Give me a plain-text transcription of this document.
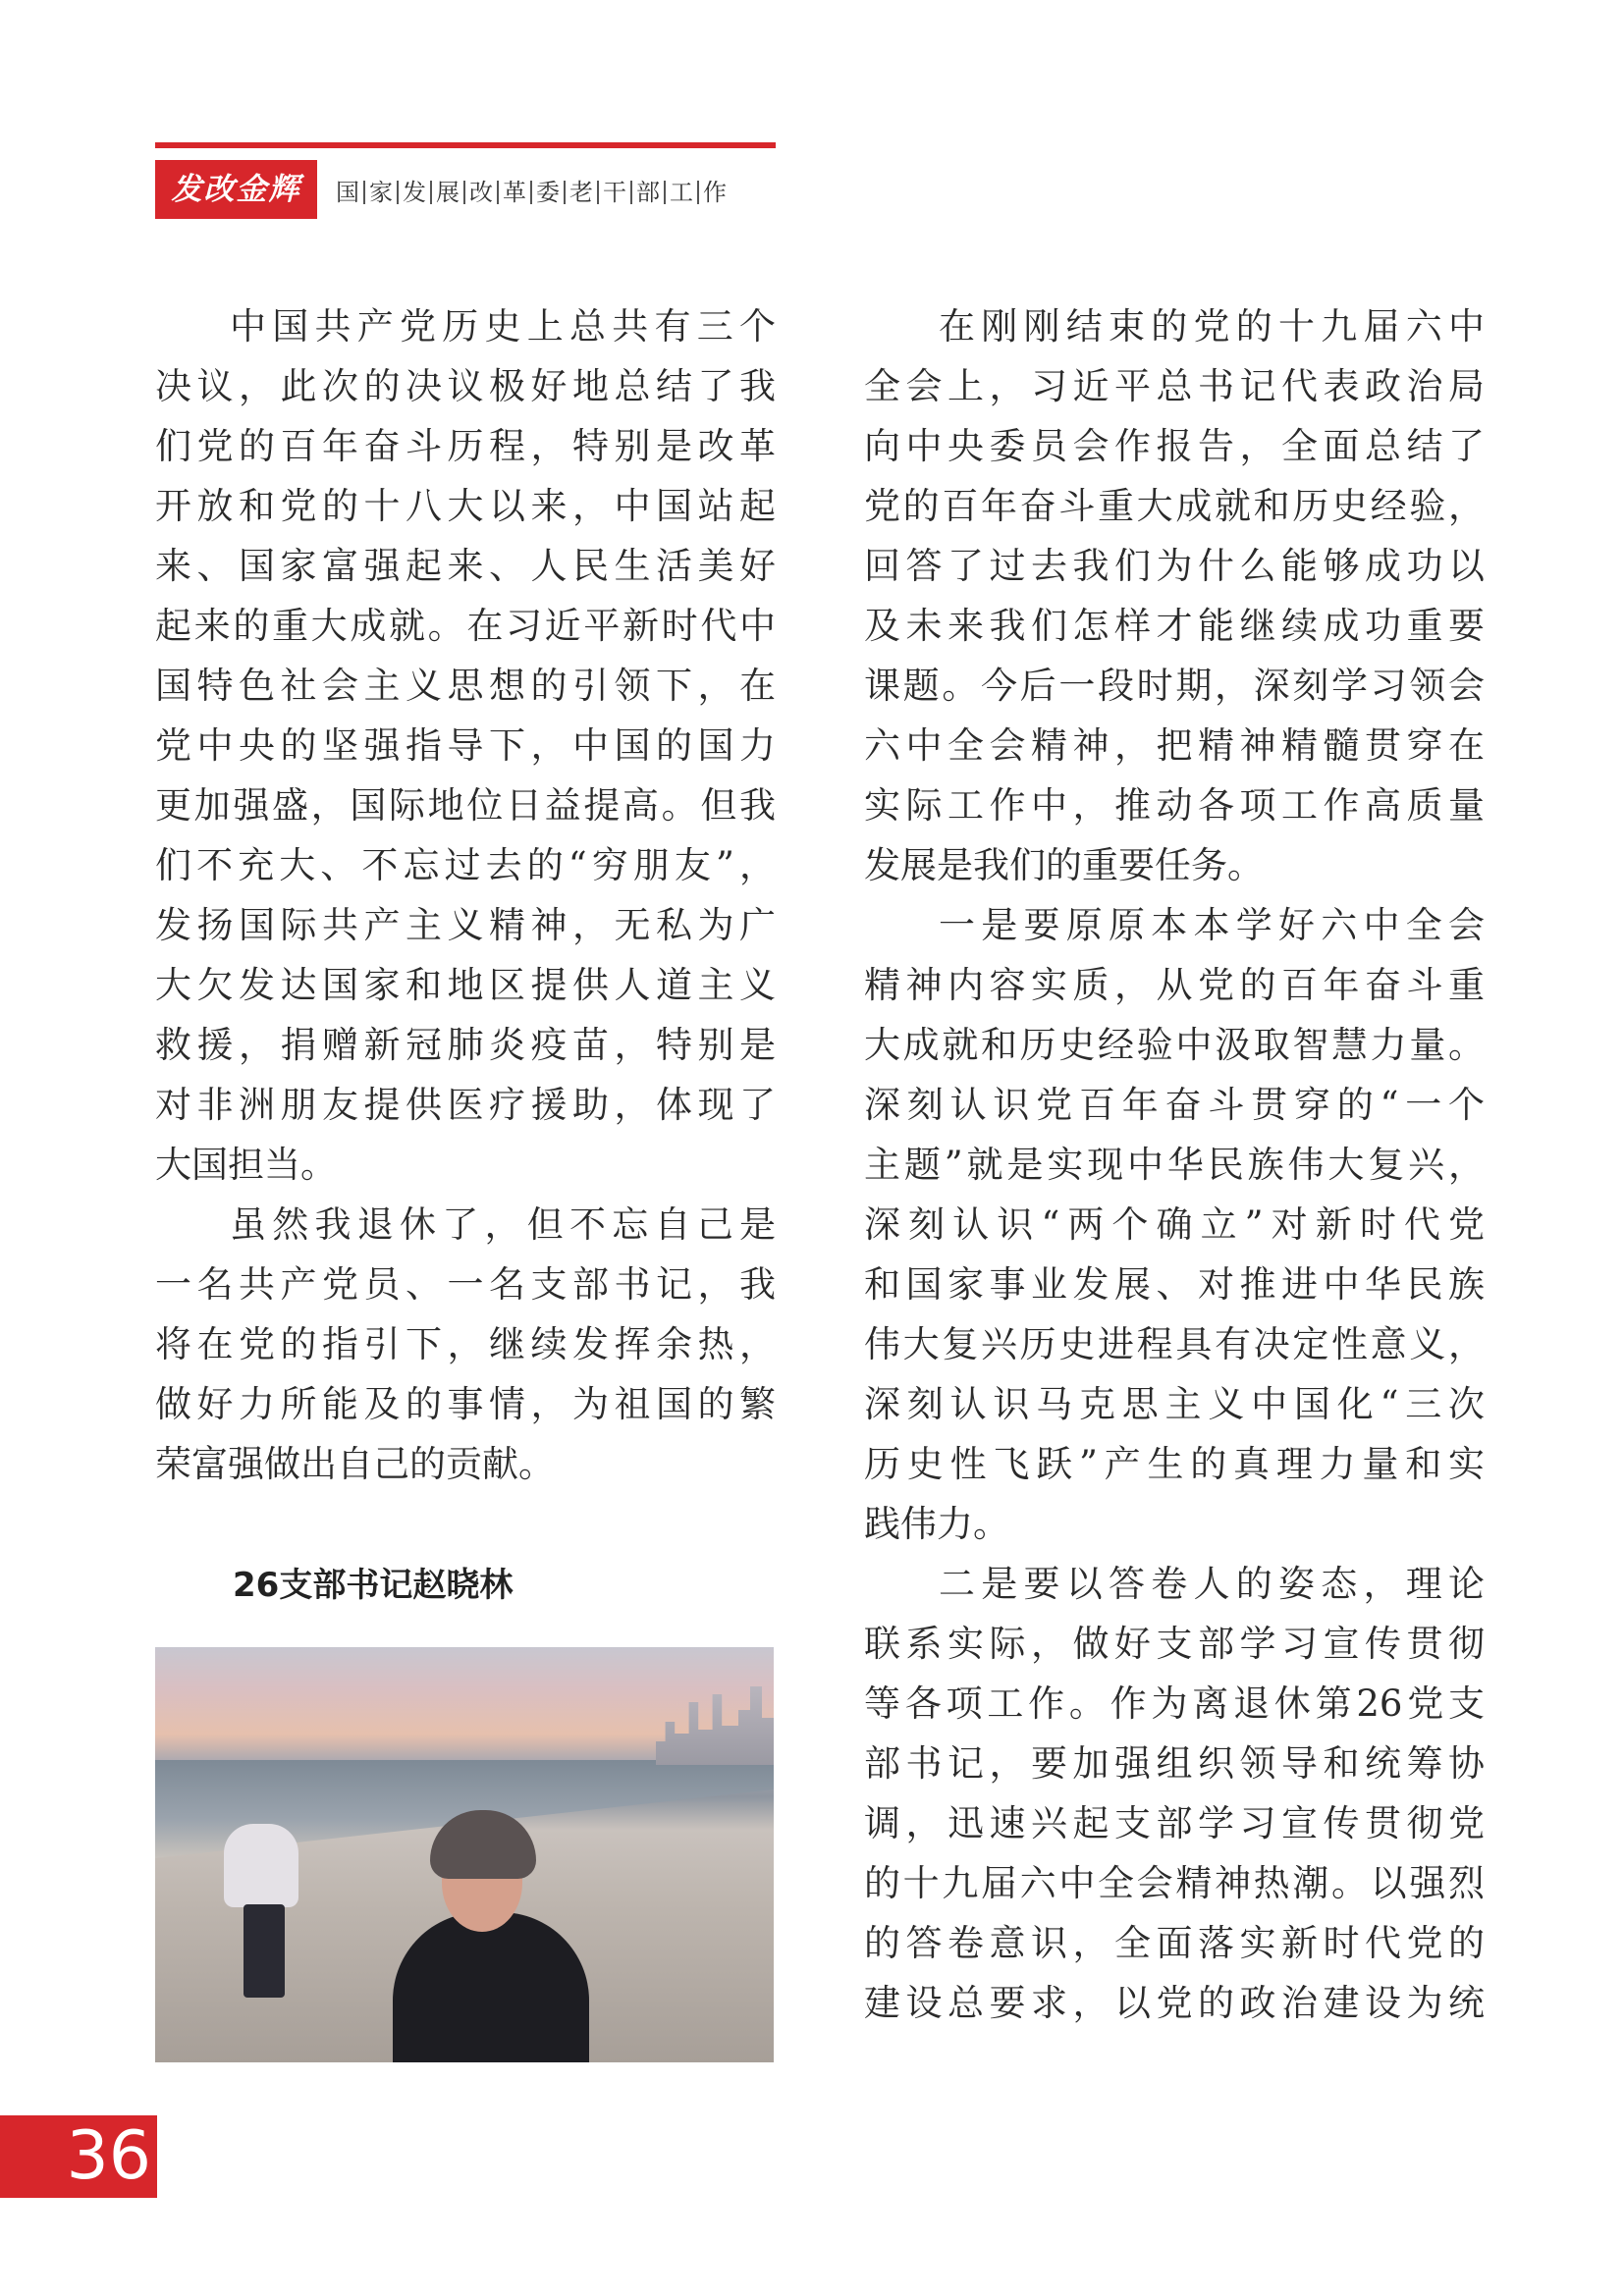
发改金辉	国 家 发 展 改 革 委 老 干 部 工 作
中国共产党历史上总共有三个
决议，此次的决议极好地总结了我
们党的百年奋斗历程，特别是改革
开放和党的十八大以来，中国站起
来、国家富强起来、人民生活美好
起来的重大成就。在习近平新时代中
国特色社会主义思想的引领下，在
党中央的坚强指导下，中国的国力
更加强盛，国际地位日益提高。但我
们不充大、不忘过去的“穷朋友”，
发扬国际共产主义精神，无私为广
大欠发达国家和地区提供人道主义
救援，捐赠新冠肺炎疫苗，特别是
对非洲朋友提供医疗援助，体现了
大国担当。
虽然我退休了，但不忘自己是
一名共产党员、一名支部书记，我
将在党的指引下，继续发挥余热，
做好力所能及的事情，为祖国的繁
荣富强做出自己的贡献。
26支部书记赵晓林
在刚刚结束的党的十九届六中
全会上，习近平总书记代表政治局
向中央委员会作报告，全面总结了
党的百年奋斗重大成就和历史经验，
回答了过去我们为什么能够成功以
及未来我们怎样才能继续成功重要
课题。今后一段时期，深刻学习领会
六中全会精神，把精神精髓贯穿在
实际工作中，推动各项工作高质量
发展是我们的重要任务。
一是要原原本本学好六中全会
精神内容实质，从党的百年奋斗重
大成就和历史经验中汲取智慧力量。
深刻认识党百年奋斗贯穿的“一个
主题”就是实现中华民族伟大复兴，
深刻认识“两个确立”对新时代党
和国家事业发展、对推进中华民族
伟大复兴历史进程具有决定性意义，
深刻认识马克思主义中国化“三次
历史性飞跃”产生的真理力量和实
践伟力。
二是要以答卷人的姿态，理论
联系实际，做好支部学习宣传贯彻
等各项工作。作为离退休第26党支
部书记，要加强组织领导和统筹协
调，迅速兴起支部学习宣传贯彻党
的十九届六中全会精神热潮。以强烈
的答卷意识，全面落实新时代党的
建设总要求，以党的政治建设为统
36
